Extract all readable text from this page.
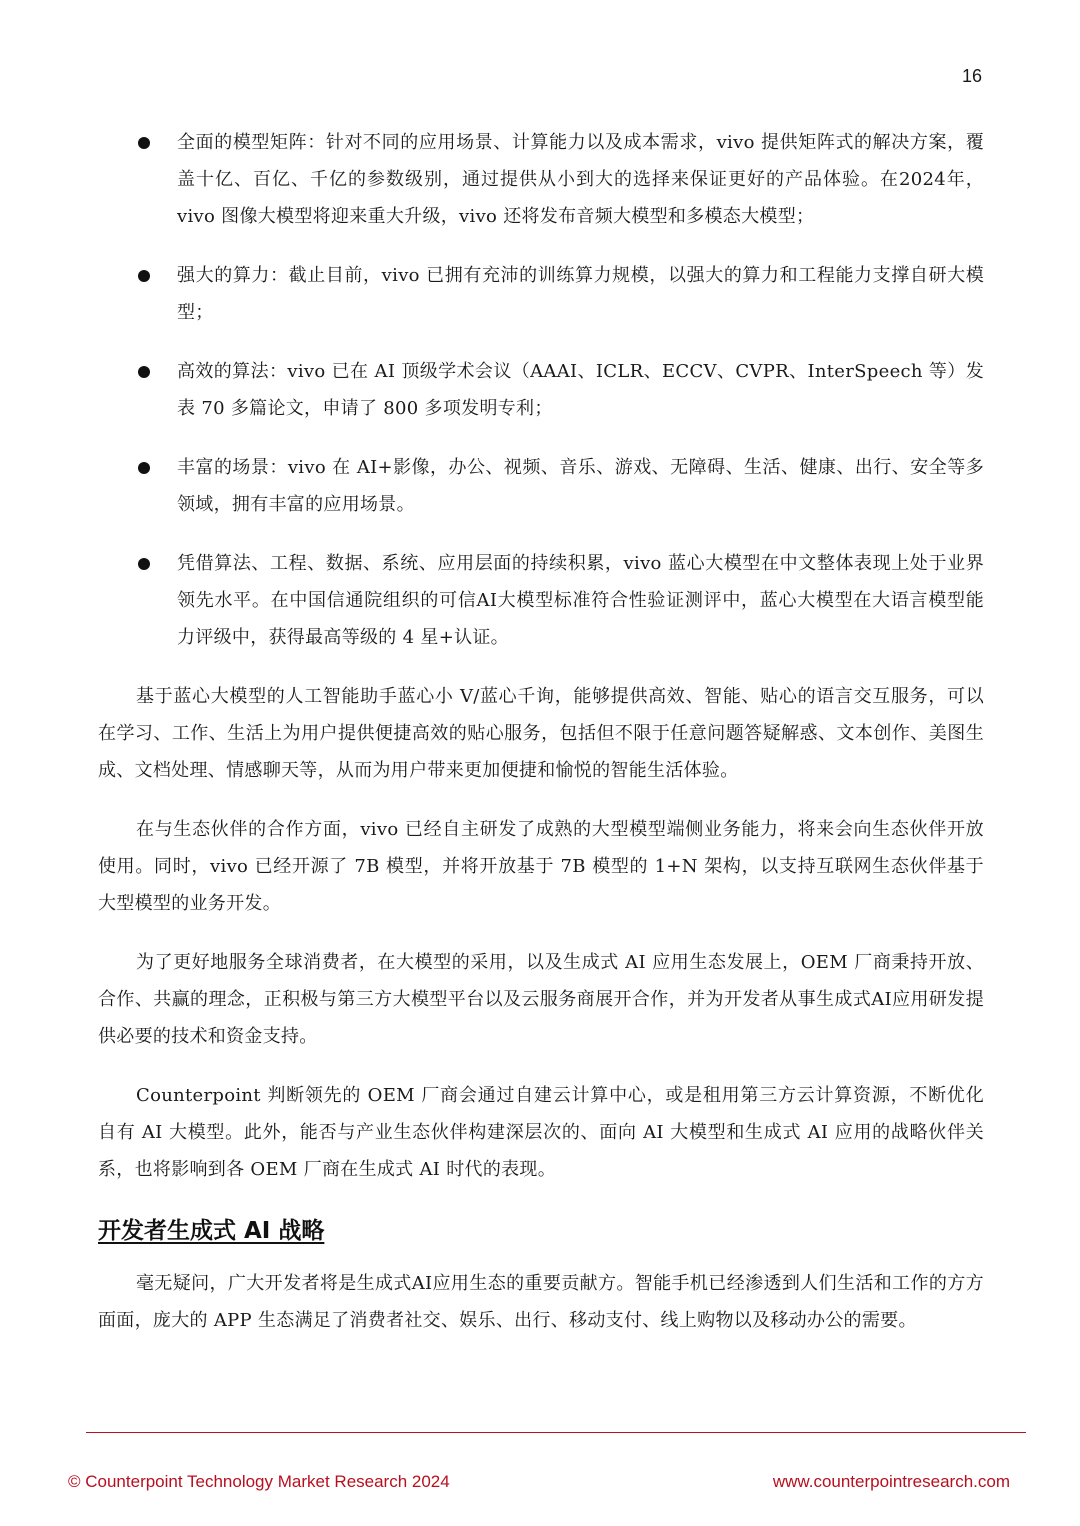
16

全面的模型矩阵：针对不同的应用场景、计算能力以及成本需求，vivo 提供矩阵式的解决方案，覆盖十亿、百亿、千亿的参数级别，通过提供从小到大的选择来保证更好的产品体验。在2024年，vivo 图像大模型将迎来重大升级，vivo 还将发布音频大模型和多模态大模型；

强大的算力：截止目前，vivo 已拥有充沛的训练算力规模，以强大的算力和工程能力支撑自研大模型；

高效的算法：vivo 已在 AI 顶级学术会议（AAAI、ICLR、ECCV、CVPR、InterSpeech 等）发表 70 多篇论文，申请了 800 多项发明专利；

丰富的场景：vivo 在 AI+影像，办公、视频、音乐、游戏、无障碍、生活、健康、出行、安全等多领域，拥有丰富的应用场景。

凭借算法、工程、数据、系统、应用层面的持续积累，vivo 蓝心大模型在中文整体表现上处于业界领先水平。在中国信通院组织的可信AI大模型标准符合性验证测评中，蓝心大模型在大语言模型能力评级中，获得最高等级的 4 星+认证。

基于蓝心大模型的人工智能助手蓝心小 V/蓝心千询，能够提供高效、智能、贴心的语言交互服务，可以在学习、工作、生活上为用户提供便捷高效的贴心服务，包括但不限于任意问题答疑解惑、文本创作、美图生成、文档处理、情感聊天等，从而为用户带来更加便捷和愉悦的智能生活体验。

在与生态伙伴的合作方面，vivo 已经自主研发了成熟的大型模型端侧业务能力，将来会向生态伙伴开放使用。同时，vivo 已经开源了 7B 模型，并将开放基于 7B 模型的 1+N 架构，以支持互联网生态伙伴基于大型模型的业务开发。

为了更好地服务全球消费者，在大模型的采用，以及生成式 AI 应用生态发展上，OEM 厂商秉持开放、合作、共赢的理念，正积极与第三方大模型平台以及云服务商展开合作，并为开发者从事生成式AI应用研发提供必要的技术和资金支持。

Counterpoint 判断领先的 OEM 厂商会通过自建云计算中心，或是租用第三方云计算资源，不断优化自有 AI 大模型。此外，能否与产业生态伙伴构建深层次的、面向 AI 大模型和生成式 AI 应用的战略伙伴关系，也将影响到各 OEM 厂商在生成式 AI 时代的表现。

开发者生成式 AI 战略

毫无疑问，广大开发者将是生成式AI应用生态的重要贡献方。智能手机已经渗透到人们生活和工作的方方面面，庞大的 APP 生态满足了消费者社交、娱乐、出行、移动支付、线上购物以及移动办公的需要。

© Counterpoint Technology Market Research 2024	www.counterpointresearch.com
